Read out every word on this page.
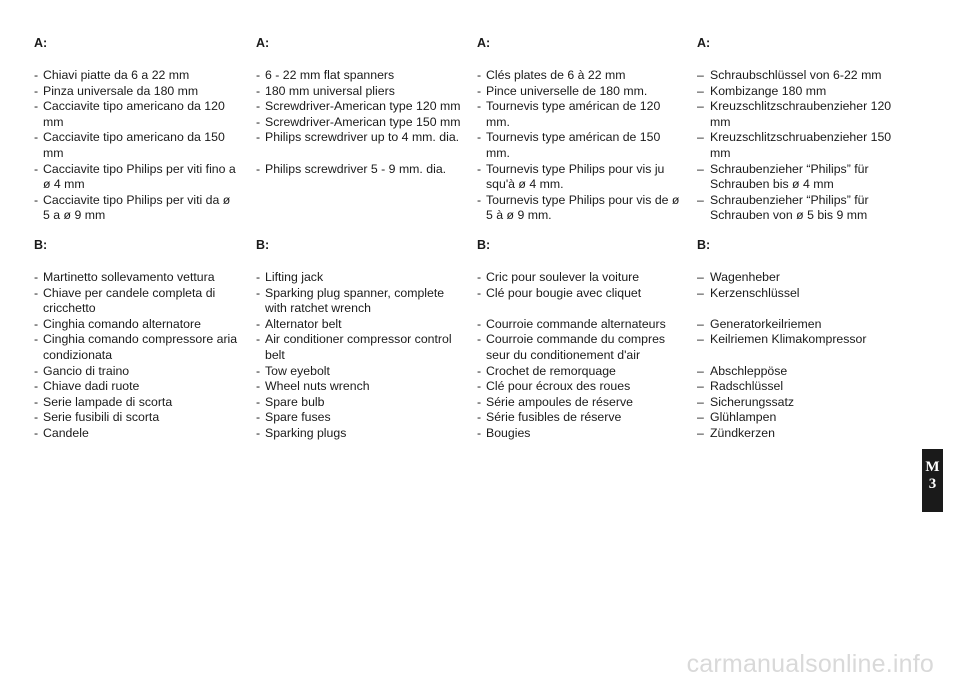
A:
- Chiavi piatte da 6 a 22 mm
- Pinza universale da 180 mm
- Cacciavite tipo americano da 120 mm
- Cacciavite tipo americano da 150 mm
- Cacciavite tipo Philips per viti fino a ø 4 mm
- Cacciavite tipo Philips per viti da ø 5 a ø 9 mm
B:
- Martinetto sollevamento vettura
- Chiave per candele completa di cricchetto
- Cinghia comando alternatore
- Cinghia comando compressore aria condizionata
- Gancio di traino
- Chiave dadi ruote
- Serie lampade di scorta
- Serie fusibili di scorta
- Candele
A:
- 6 - 22 mm flat spanners
- 180 mm universal pliers
- Screwdriver-American type 120 mm
- Screwdriver-American type 150 mm
- Philips screwdriver up to 4 mm. dia.
- Philips screwdriver 5 - 9 mm. dia.
B:
- Lifting jack
- Sparking plug spanner, complete with ratchet wrench
- Alternator belt
- Air conditioner compressor control belt
- Tow eyebolt
- Wheel nuts wrench
- Spare bulb
- Spare fuses
- Sparking plugs
A:
- Clés plates de 6 à 22 mm
- Pince universelle de 180 mm.
- Tournevis type américan de 120 mm.
- Tournevis type américan de 150 mm.
- Tournevis type Philips pour vis ju squ'à ø 4 mm.
- Tournevis type Philips pour vis de ø 5 à ø 9 mm.
B:
- Cric pour soulever la voiture
- Clé pour bougie avec cliquet
- Courroie commande alternateurs
- Courroie commande du compres seur du conditionement d'air
- Crochet de remorquage
- Clé pour écroux des roues
- Série ampoules de réserve
- Série fusibles de réserve
- Bougies
A:
– Schraubschlüssel von 6-22 mm
– Kombizange 180 mm
– Kreuzschlitzschraubenzieher 120 mm
– Kreuzschlitzschruabenzieher 150 mm
– Schraubenzieher “Philips” für Schrauben bis ø 4 mm
– Schraubenzieher “Philips” für Schrauben von ø 5 bis 9 mm
B:
– Wagenheber
– Kerzenschlüssel
– Generatorkeilriemen
– Keilriemen Klimakompressor
– Abschleppöse
– Radschlüssel
– Sicherungssatz
– Glühlampen
– Zündkerzen
M
3
carmanualsonline.info
